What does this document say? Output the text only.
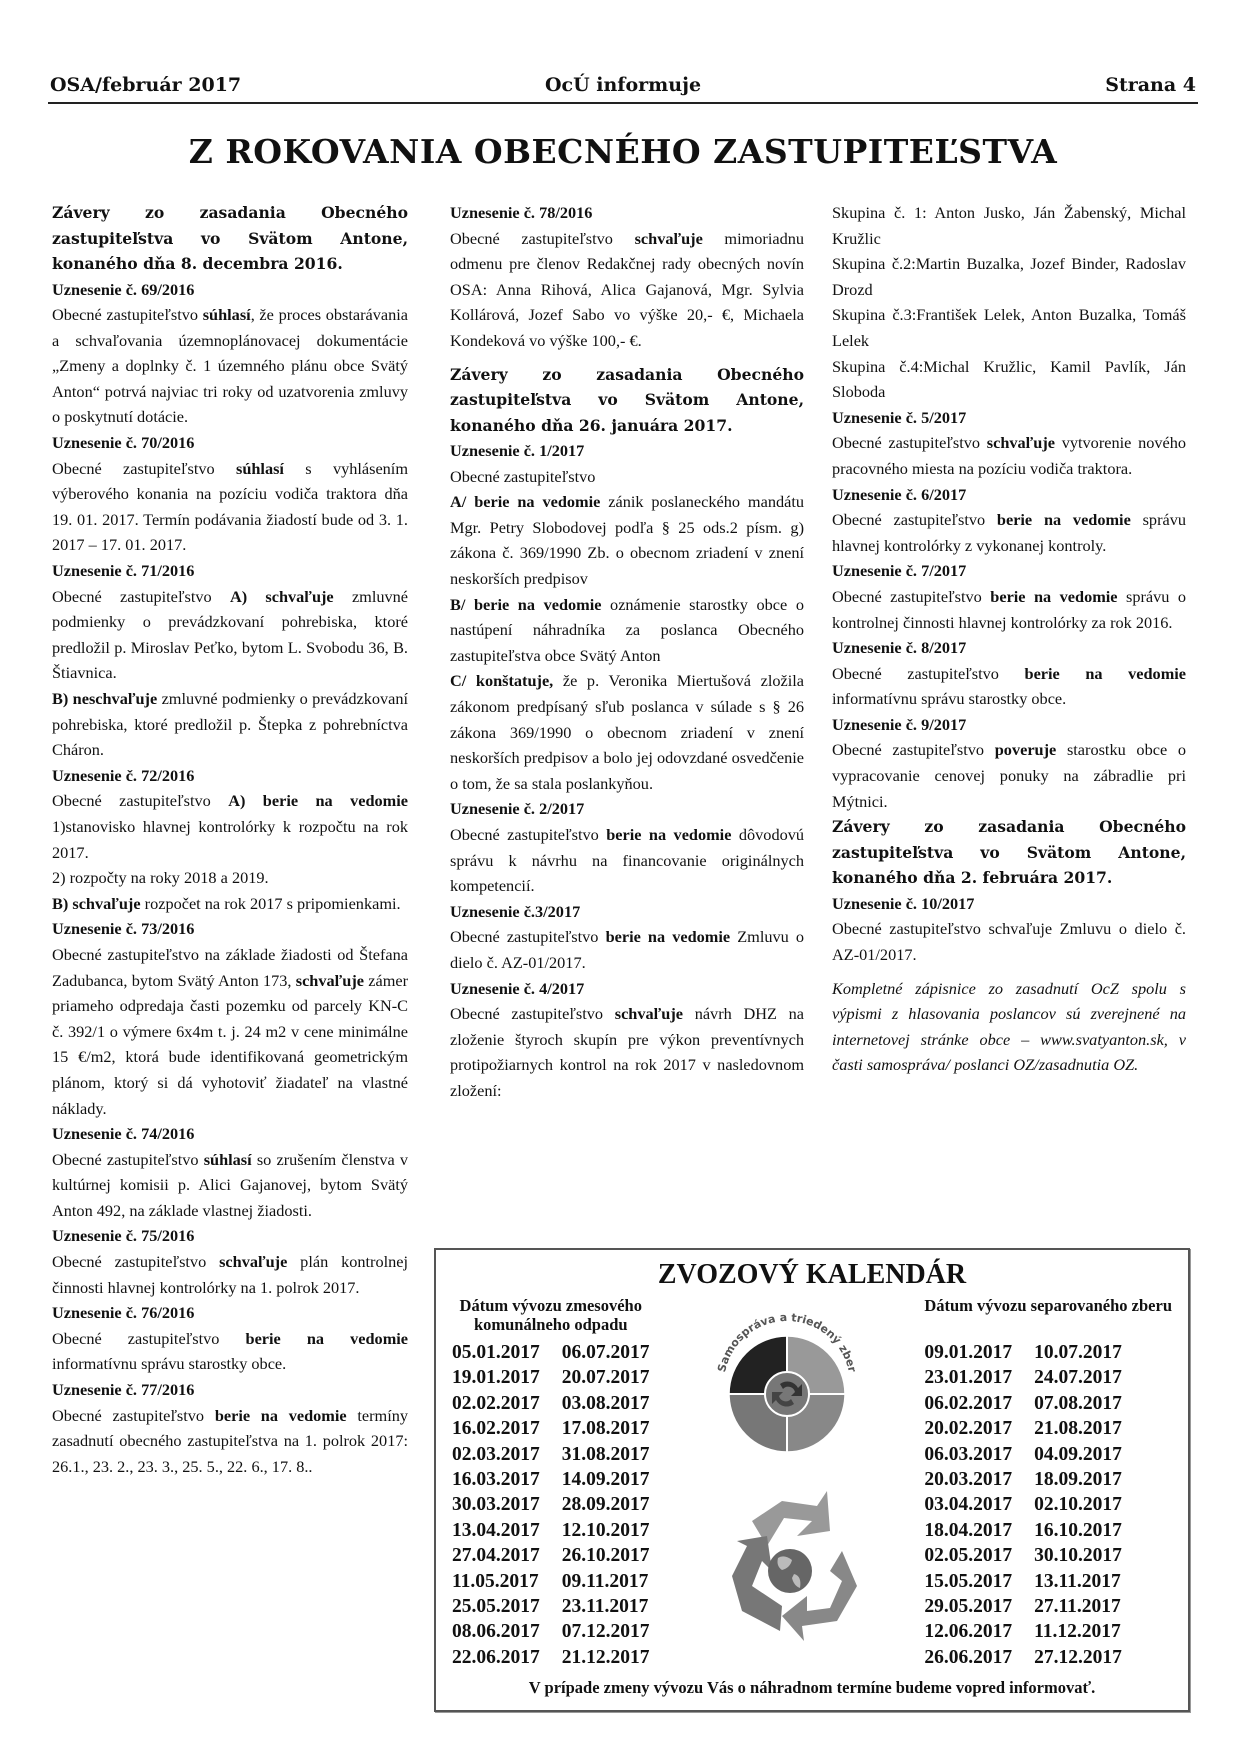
OSA/február 2017	OcÚ informuje	Strana 4
Z ROKOVANIA OBECNÉHO ZASTUPITEĽSTVA

Závery zo zasadania Obecného zastupiteľstva vo Svätom Antone, konaného dňa 8. decembra 2016.

Uznesenie č. 69/2016

Obecné zastupiteľstvo súhlasí, že proces obstarávania a schvaľovania územnoplánovacej dokumentácie „Zmeny a doplnky č. 1 územného plánu obce Svätý Anton“ potrvá najviac tri roky od uzatvorenia zmluvy o poskytnutí dotácie.

Uznesenie č. 70/2016

Obecné zastupiteľstvo súhlasí s vyhlásením výberového konania na pozíciu vodiča traktora dňa 19. 01. 2017. Termín podávania žiadostí bude od 3. 1. 2017 – 17. 01. 2017.

Uznesenie č. 71/2016

Obecné zastupiteľstvo A) schvaľuje zmluvné podmienky o prevádzkovaní pohrebiska, ktoré predložil p. Miroslav Peťko, bytom L. Svobodu 36, B. Štiavnica.

B) neschvaľuje zmluvné podmienky o prevádzkovaní pohrebiska, ktoré predložil p. Štepka z pohrebníctva Cháron.

Uznesenie č. 72/2016

Obecné zastupiteľstvo A) berie na vedomie 1)stanovisko hlavnej kontrolórky k rozpočtu na rok 2017.

2) rozpočty na roky 2018 a 2019.

B) schvaľuje rozpočet na rok 2017 s pripomienkami.

Uznesenie č. 73/2016

Obecné zastupiteľstvo na základe žiadosti od Štefana Zadubanca, bytom Svätý Anton 173, schvaľuje zámer priameho odpredaja časti pozemku od parcely KN-C č. 392/1 o výmere 6x4m t. j. 24 m2 v cene minimálne 15 €/m2, ktorá bude identifikovaná geometrickým plánom, ktorý si dá vyhotoviť žiadateľ na vlastné náklady.

Uznesenie č. 74/2016

Obecné zastupiteľstvo súhlasí so zrušením členstva v kultúrnej komisii p. Alici Gajanovej, bytom Svätý Anton 492, na základe vlastnej žiadosti.

Uznesenie č. 75/2016

Obecné zastupiteľstvo schvaľuje plán kontrolnej činnosti hlavnej kontrolórky na 1. polrok 2017.

Uznesenie č. 76/2016

Obecné zastupiteľstvo berie na vedomie informatívnu správu starostky obce.

Uznesenie č. 77/2016

Obecné zastupiteľstvo berie na vedomie termíny zasadnutí obecného zastupiteľstva na 1. polrok 2017: 26.1., 23. 2., 23. 3., 25. 5., 22. 6., 17. 8..

Uznesenie č. 78/2016

Obecné zastupiteľstvo schvaľuje mimoriadnu odmenu pre členov Redakčnej rady obecných novín OSA: Anna Rihová, Alica Gajanová, Mgr. Sylvia Kollárová, Jozef Sabo vo výške 20,- €, Michaela Kondeková vo výške 100,- €.

Závery zo zasadania Obecného zastupiteľstva vo Svätom Antone, konaného dňa 26. januára 2017.

Uznesenie č. 1/2017

Obecné zastupiteľstvo

A/ berie na vedomie zánik poslaneckého mandátu Mgr. Petry Slobodovej podľa § 25 ods.2 písm. g) zákona č. 369/1990 Zb. o obecnom zriadení v znení neskorších predpisov

B/ berie na vedomie oznámenie starostky obce o nastúpení náhradníka za poslanca Obecného zastupiteľstva obce Svätý Anton

C/ konštatuje, že p. Veronika Miertušová zložila zákonom predpísaný sľub poslanca v súlade s § 26 zákona 369/1990 o obecnom zriadení v znení neskorších predpisov a bolo jej odovzdané osvedčenie o tom, že sa stala poslankyňou.

Uznesenie č. 2/2017

Obecné zastupiteľstvo berie na vedomie dôvodovú správu k návrhu na financovanie originálnych kompetencií.

Uznesenie č.3/2017

Obecné zastupiteľstvo berie na vedomie Zmluvu o dielo č. AZ-01/2017.

Uznesenie č. 4/2017

Obecné zastupiteľstvo schvaľuje návrh DHZ na zloženie štyroch skupín pre výkon preventívnych protipožiarnych kontrol na rok 2017 v nasledovnom zložení:

Skupina č. 1: Anton Jusko, Ján Žabenský, Michal Kružlic

Skupina č.2:Martin Buzalka, Jozef Binder, Radoslav Drozd

Skupina č.3:František Lelek, Anton Buzalka, Tomáš Lelek

Skupina č.4:Michal Kružlic, Kamil Pavlík, Ján Sloboda

Uznesenie č. 5/2017

Obecné zastupiteľstvo schvaľuje vytvorenie nového pracovného miesta na pozíciu vodiča traktora.

Uznesenie č. 6/2017

Obecné zastupiteľstvo berie na vedomie správu hlavnej kontrolórky z vykonanej kontroly.

Uznesenie č. 7/2017

Obecné zastupiteľstvo berie na vedomie správu o kontrolnej činnosti hlavnej kontrolórky za rok 2016.

Uznesenie č. 8/2017

Obecné zastupiteľstvo berie na vedomie informatívnu správu starostky obce.

Uznesenie č. 9/2017

Obecné zastupiteľstvo poveruje starostku obce o vypracovanie cenovej ponuky na zábradlie pri Mýtnici.

Závery zo zasadania Obecného zastupiteľstva vo Svätom Antone, konaného dňa 2. februára 2017.

Uznesenie č. 10/2017

Obecné zastupiteľstvo schvaľuje Zmluvu o dielo č. AZ-01/2017.

Kompletné zápisnice zo zasadnutí OcZ spolu s výpismi z hlasovania poslancov sú zverejnené na internetovej stránke obce – www.svatyanton.sk, v časti samospráva/ poslanci OZ/zasadnutia OZ.

ZVOZOVÝ KALENDÁR
Dátum vývozu zmesového
komunálneho odpadu
05.01.2017
19.01.2017
02.02.2017
16.02.2017
02.03.2017
16.03.2017
30.03.2017
13.04.2017
27.04.2017
11.05.2017
25.05.2017
08.06.2017
22.06.2017
06.07.2017
20.07.2017
03.08.2017
17.08.2017
31.08.2017
14.09.2017
28.09.2017
12.10.2017
26.10.2017
09.11.2017
23.11.2017
07.12.2017
21.12.2017
Samospráva a triedený zber
Dátum vývozu separovaného zberu
09.01.2017
23.01.2017
06.02.2017
20.02.2017
06.03.2017
20.03.2017
03.04.2017
18.04.2017
02.05.2017
15.05.2017
29.05.2017
12.06.2017
26.06.2017
10.07.2017
24.07.2017
07.08.2017
21.08.2017
04.09.2017
18.09.2017
02.10.2017
16.10.2017
30.10.2017
13.11.2017
27.11.2017
11.12.2017
27.12.2017
V prípade zmeny vývozu Vás o náhradnom termíne budeme vopred informovať.
